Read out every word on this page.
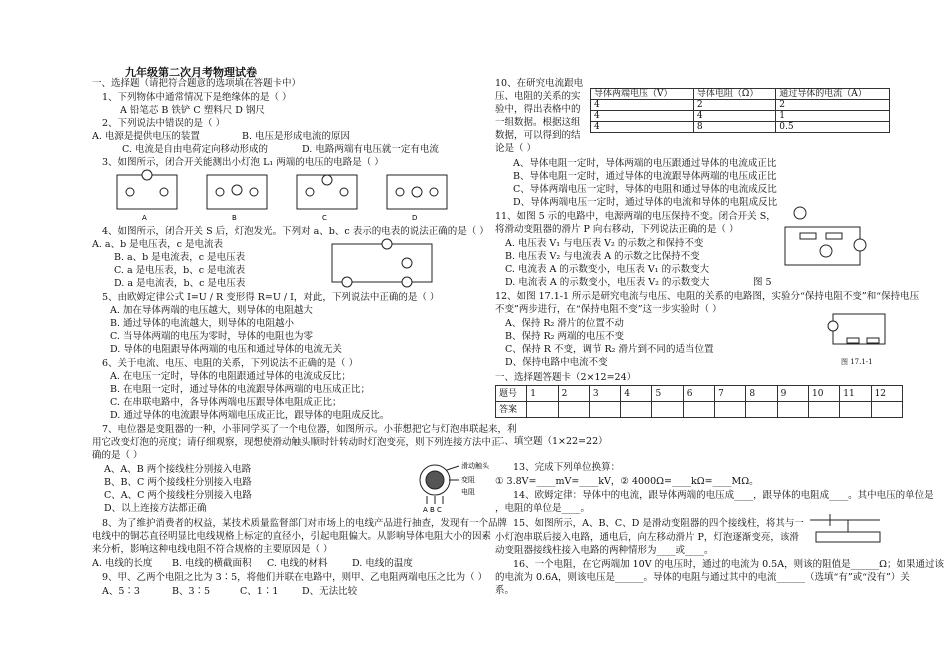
九年级第二次月考物理试卷
一、选择题（请把符合题意的选项填在答题卡中）
1、下列物体中通常情况下是绝缘体的是（ ）
A 铅笔芯 B 铁铲 C 塑料尺 D 钢尺
2、下列说法中错误的是（ ）
A. 电源是提供电压的装置	B. 电压是形成电流的原因
C. 电流是自由电荷定向移动形成的	D. 电路两端有电压就一定有电流
3、如图所示，闭合开关能测出小灯泡 L₁ 两端的电压的电路是（ ）
A	B	C	D
4、如图所示，闭合开关 S 后，灯泡发光。下列对 a、b、c 表示的电表的说法正确的是（ ）
A. a、b 是电压表，c 是电流表
B. a、b 是电流表，c 是电压表
C. a 是电压表，b、c 是电流表
D. a 是电流表，b、c 是电压表
5、由欧姆定律公式 I=U / R 变形得 R=U / I，对此，下列说法中正确的是（ ）
A. 加在导体两端的电压越大，则导体的电阻越大
B. 通过导体的电流越大，则导体的电阻越小
C. 当导体两端的电压为零时，导体的电阻也为零
D. 导体的电阻跟导体两端的电压和通过导体的电流无关
6、关于电流、电压、电阻的关系，下列说法不正确的是（ ）
A. 在电压一定时，导体的电阻跟通过导体的电流成反比；
B. 在电阻一定时，通过导体的电流跟导体两端的电压成正比；
C. 在串联电路中，各导体两端电压跟导体电阻成正比；
D. 通过导体的电流跟导体两端电压成正比，跟导体的电阻成反比。
7、电位器是变阻器的一种，小菲同学买了一个电位器，如图所示。小菲想把它与灯泡串联起来，利
用它改变灯泡的亮度；请仔细观察，现想使滑动触头顺时针转动时灯泡变亮，则下列连接方法中正
确的是（ ）
A、A、B 两个接线柱分别接入电路
B、B、C 两个接线柱分别接入电路
C、A、C 两个接线柱分别接入电路
D、以上连接方法都正确
滑动触头
变阻
电阻
A B C
8、为了维护消费者的权益，某技术质量监督部门对市场上的电线产品进行抽查，发现有一个品牌
电线中的铜芯直径明显比电线规格上标定的直径小，引起电阻偏大。从影响导体电阻大小的因素
来分析，影响这种电线电阻不符合规格的主要原因是（ ）
A. 电线的长度 B. 电线的横截面积 C. 电线的材料	D. 电线的温度
9、甲、乙两个电阻之比为 3∶5，将他们并联在电路中，则甲、乙电阻两端电压之比为（ ）
A、5∶3	B、3∶5	C、1∶1 D、无法比较
10、在研究电流跟电
压、电阻的关系的实
验中，得出表格中的
一组数据。根据这组
数据，可以得到的结
论是（ ）
导体两端电压（V）	导体电阻（Ω）	通过导体的电流（A）
4	2	2
4	4	1
4	8	0.5
A、导体电阻一定时，导体两端的电压跟通过导体的电流成正比
B、导体电阻一定时，通过导体的电流跟导体两端的电压成正比
C、导体两端电压一定时，导体的电阻和通过导体的电流成反比
D、导体两端电压一定时，通过导体的电流和导体的电阻成反比
11、如图 5 示的电路中，电源两端的电压保持不变。闭合开关 S，
将滑动变阻器的滑片 P 向右移动，下列说法正确的是（ ）
A. 电压表 V₁ 与电压表 V₂ 的示数之和保持不变
B. 电压表 V₂ 与电流表 A 的示数之比保持不变
C. 电流表 A 的示数变小，电压表 V₁ 的示数变大
D. 电流表 A 的示数变小，电压表 V₂ 的示数变大	图 5
12、如图 17.1-1 所示是研究电流与电压、电阻的关系的电路图，实验分“保持电阻不变”和“保持电压
不变”两步进行，在“保持电阻不变”这一步实验时（ ）
A、保持 R₂ 滑片的位置不动
B、保持 R₂ 两端的电压不变
C、保持 R 不变，调节 R₂ 滑片到不同的适当位置
D、保持电路中电流不变	图 17.1-1
一、选择题答题卡（2×12=24）
题号	1	2	3	4	5	6	7	8	9	10	11	12
答案												
二、填空题（1×22=22）
13、完成下列单位换算：
① 3.8V=____mV=____kV，② 4000Ω=____kΩ=____MΩ。
14、欧姆定律：导体中的电流，跟导体两端的电压成____，跟导体的电阻成____。其中电压的单位是
，电阻的单位是____。
15、如图所示，A、B、C、D 是滑动变阻器的四个接线柱，将其与一
小灯泡串联后接入电路，通电后，向左移动滑片 P，灯泡逐渐变亮，该滑
动变阻器接线柱接入电路的两种情形为____或____。
16、一个电阻，在它两端加 10V 的电压时，通过的电流为 0.5A，则该的阻值是______Ω；如果通过该
的电流为 0.6A，则该电压是______。导体的电阻与通过其中的电流______（选填“有”或“没有”）关
系。
